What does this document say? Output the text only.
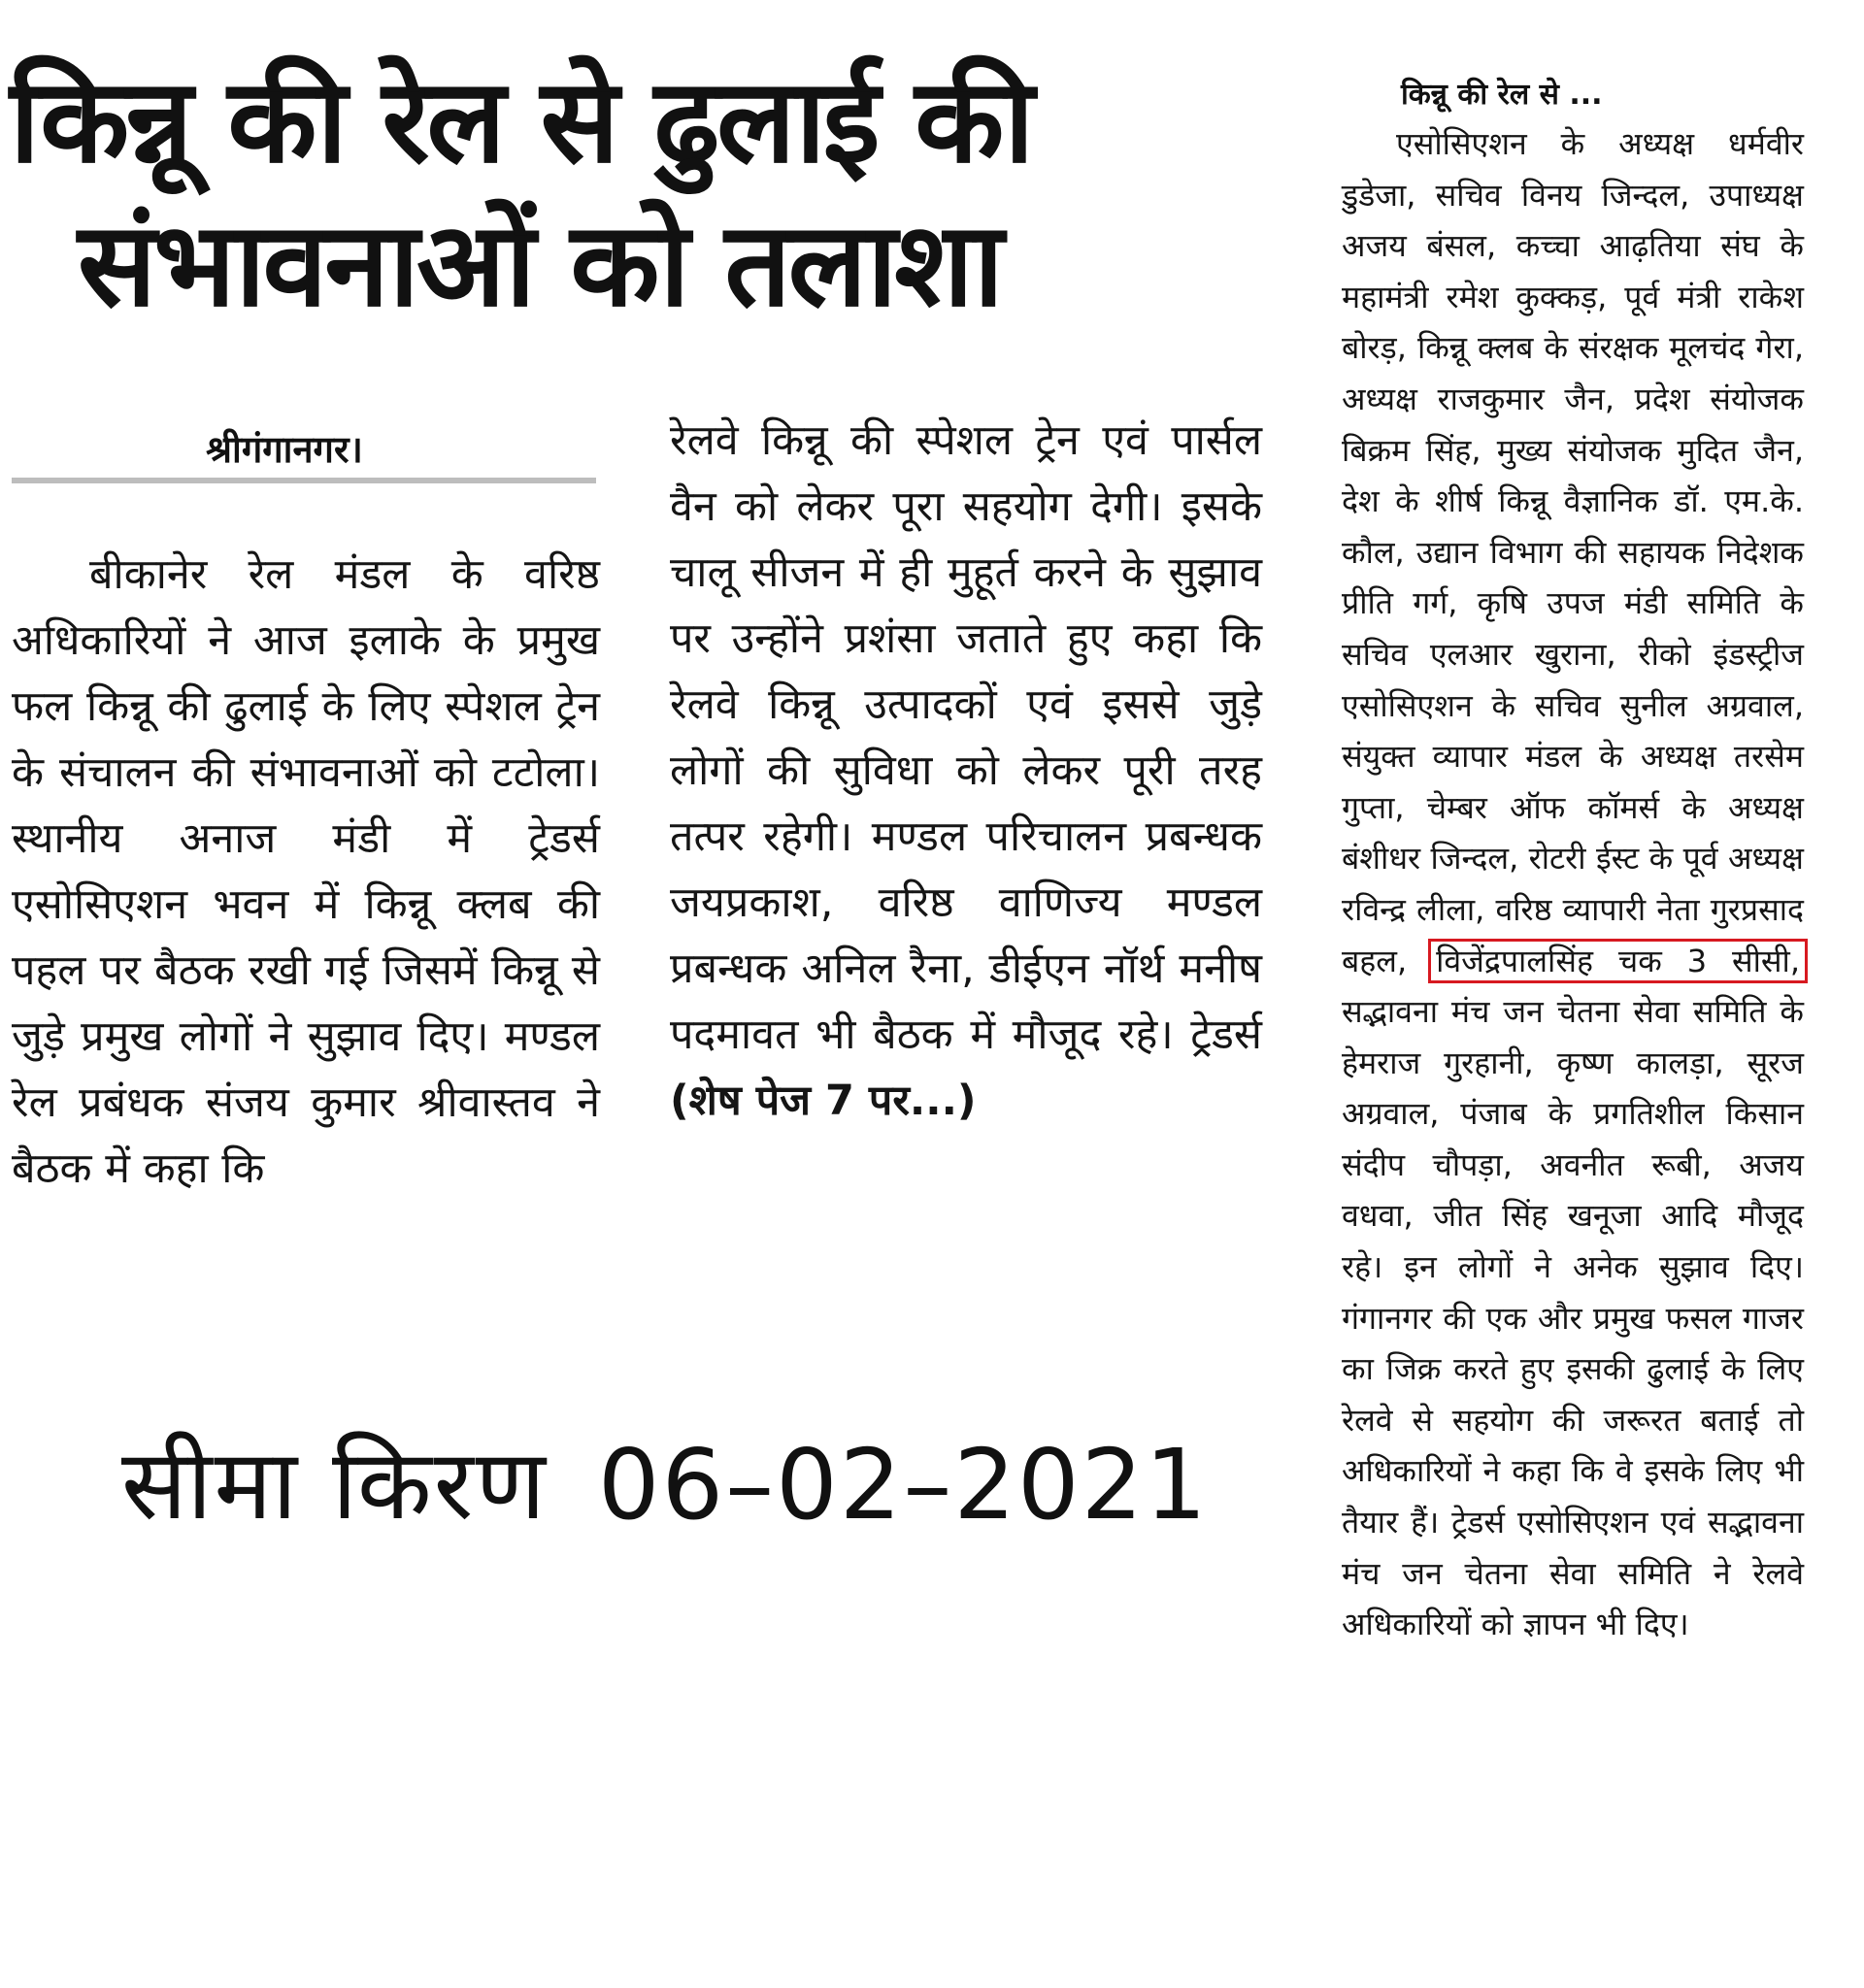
किन्नू की रेल से ढुलाई की
संभावनाओं को तलाशा
श्रीगंगानगर।

बीकानेर रेल मंडल के वरिष्ठ अधिकारियों ने आज इलाके के प्रमुख फल किन्नू की ढुलाई के लिए स्पेशल ट्रेन के संचालन की संभावनाओं को टटोला। स्थानीय अनाज मंडी में ट्रेडर्स एसोसिएशन भवन में किन्नू क्लब की पहल पर बैठक रखी गई जिसमें किन्नू से जुड़े प्रमुख लोगों ने सुझाव दिए। मण्डल रेल प्रबंधक संजय कुमार श्रीवास्तव ने बैठक में कहा कि

रेलवे किन्नू की स्पेशल ट्रेन एवं पार्सल वैन को लेकर पूरा सहयोग देगी। इसके चालू सीजन में ही मुहूर्त करने के सुझाव पर उन्होंने प्रशंसा जताते हुए कहा कि रेलवे किन्नू उत्पादकों एवं इससे जुड़े लोगों की सुविधा को लेकर पूरी तरह तत्पर रहेगी। मण्डल परिचालन प्रबन्धक जयप्रकाश, वरिष्ठ वाणिज्य मण्डल प्रबन्धक अनिल रैना, डीईएन नॉर्थ मनीष पदमावत भी बैठक में मौजूद रहे। ट्रेडर्स (शेष पेज 7 पर...)

किन्नू की रेल से ...

एसोसिएशन के अध्यक्ष धर्मवीर डुडेजा, सचिव विनय जिन्दल, उपाध्यक्ष अजय बंसल, कच्चा आढ़तिया संघ के महामंत्री रमेश कुक्कड़, पूर्व मंत्री राकेश बोरड़, किन्नू क्लब के संरक्षक मूलचंद गेरा, अध्यक्ष राजकुमार जैन, प्रदेश संयोजक बिक्रम सिंह, मुख्य संयोजक मुदित जैन, देश के शीर्ष किन्नू वैज्ञानिक डॉ. एम.के. कौल, उद्यान विभाग की सहायक निदेशक प्रीति गर्ग, कृषि उपज मंडी समिति के सचिव एलआर खुराना, रीको इंडस्ट्रीज एसोसिएशन के सचिव सुनील अग्रवाल, संयुक्त व्यापार मंडल के अध्यक्ष तरसेम गुप्ता, चेम्बर ऑफ कॉमर्स के अध्यक्ष बंशीधर जिन्दल, रोटरी ईस्ट के पूर्व अध्यक्ष रविन्द्र लीला, वरिष्ठ व्यापारी नेता गुरप्रसाद बहल, विजेंद्रपालसिंह चक 3 सीसी, सद्भावना मंच जन चेतना सेवा समिति के हेमराज गुरहानी, कृष्ण कालड़ा, सूरज अग्रवाल, पंजाब के प्रगतिशील किसान संदीप चौपड़ा, अवनीत रूबी, अजय वधवा, जीत सिंह खनूजा आदि मौजूद रहे। इन लोगों ने अनेक सुझाव दिए। गंगानगर की एक और प्रमुख फसल गाजर का जिक्र करते हुए इसकी ढुलाई के लिए रेलवे से सहयोग की जरूरत बताई तो अधिकारियों ने कहा कि वे इसके लिए भी तैयार हैं। ट्रेडर्स एसोसिएशन एवं सद्भावना मंच जन चेतना सेवा समिति ने रेलवे अधिकारियों को ज्ञापन भी दिए।

सीमा किरण 06–02–2021
